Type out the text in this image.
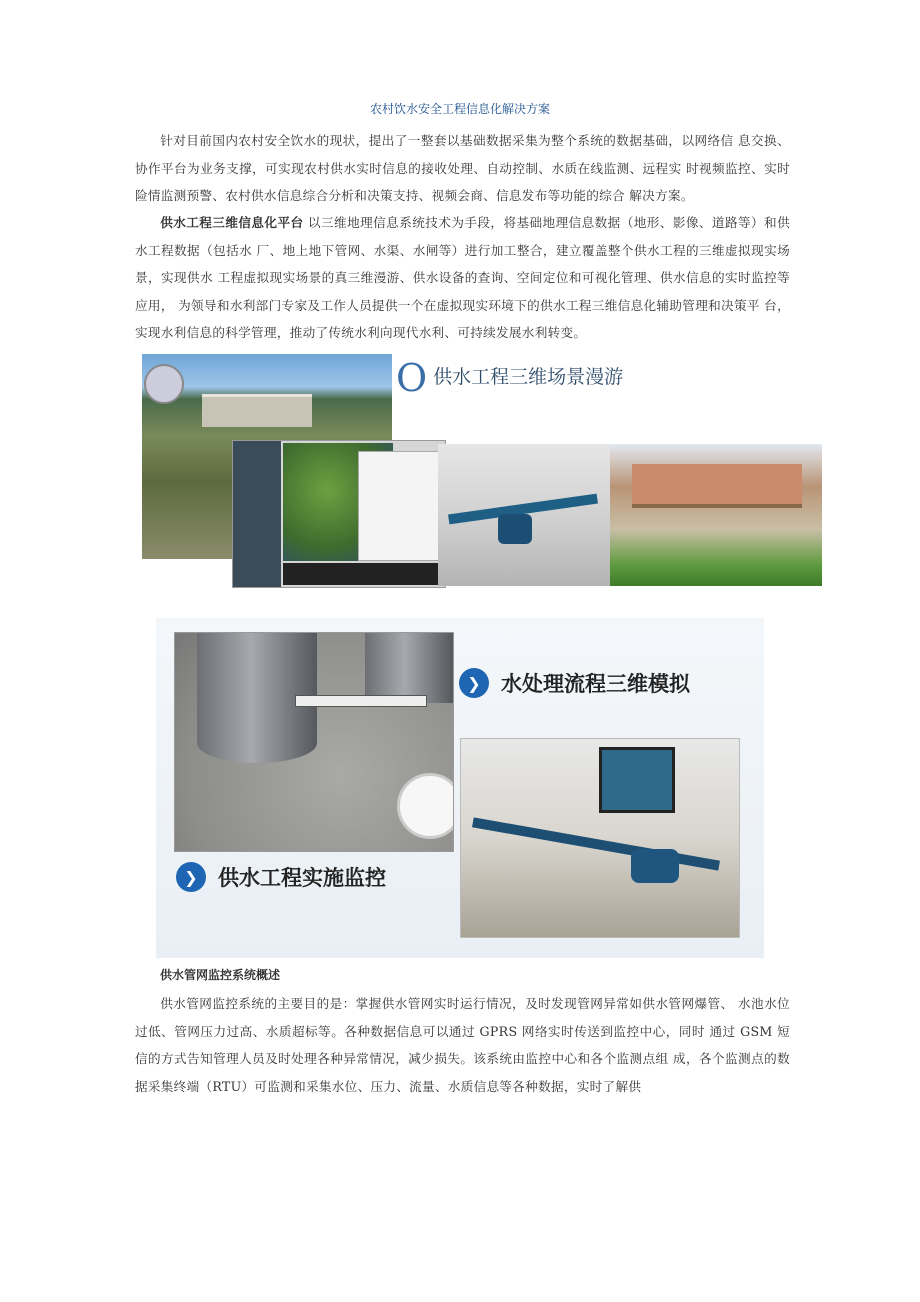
农村饮水安全工程信息化解决方案

针对目前国内农村安全饮水的现状，提出了一整套以基础数据采集为整个系统的数据基础，以网络信 息交换、协作平台为业务支撑，可实现农村供水实时信息的接收处理、自动控制、水质在线监测、远程实 时视频监控、实时险情监测预警、农村供水信息综合分析和决策支持、视频会商、信息发布等功能的综合 解决方案。

供水工程三维信息化平台 以三维地理信息系统技术为手段，将基础地理信息数据（地形、影像、道路等）和供水工程数据（包括水 厂、地上地下管网、水渠、水闸等）进行加工整合，建立覆盖整个供水工程的三维虚拟现实场景，实现供水 工程虚拟现实场景的真三维漫游、供水设备的查询、空间定位和可视化管理、供水信息的实时监控等应用， 为领导和水利部门专家及工作人员提供一个在虚拟现实环境下的供水工程三维信息化辅助管理和决策平 台，实现水利信息的科学管理，推动了传统水利向现代水利、可持续发展水利转变。

O供水工程三维场景漫游
❯ 水处理流程三维模拟
❯ 供水工程实施监控
供水管网监控系统概述

供水管网监控系统的主要目的是：掌握供水管网实时运行情况，及时发现管网异常如供水管网爆管、 水池水位过低、管网压力过高、水质超标等。各种数据信息可以通过 GPRS 网络实时传送到监控中心，同时 通过 GSM 短信的方式告知管理人员及时处理各种异常情况，减少损失。该系统由监控中心和各个监测点组 成，各个监测点的数据采集终端（RTU）可监测和采集水位、压力、流量、水质信息等各种数据，实时了解供
